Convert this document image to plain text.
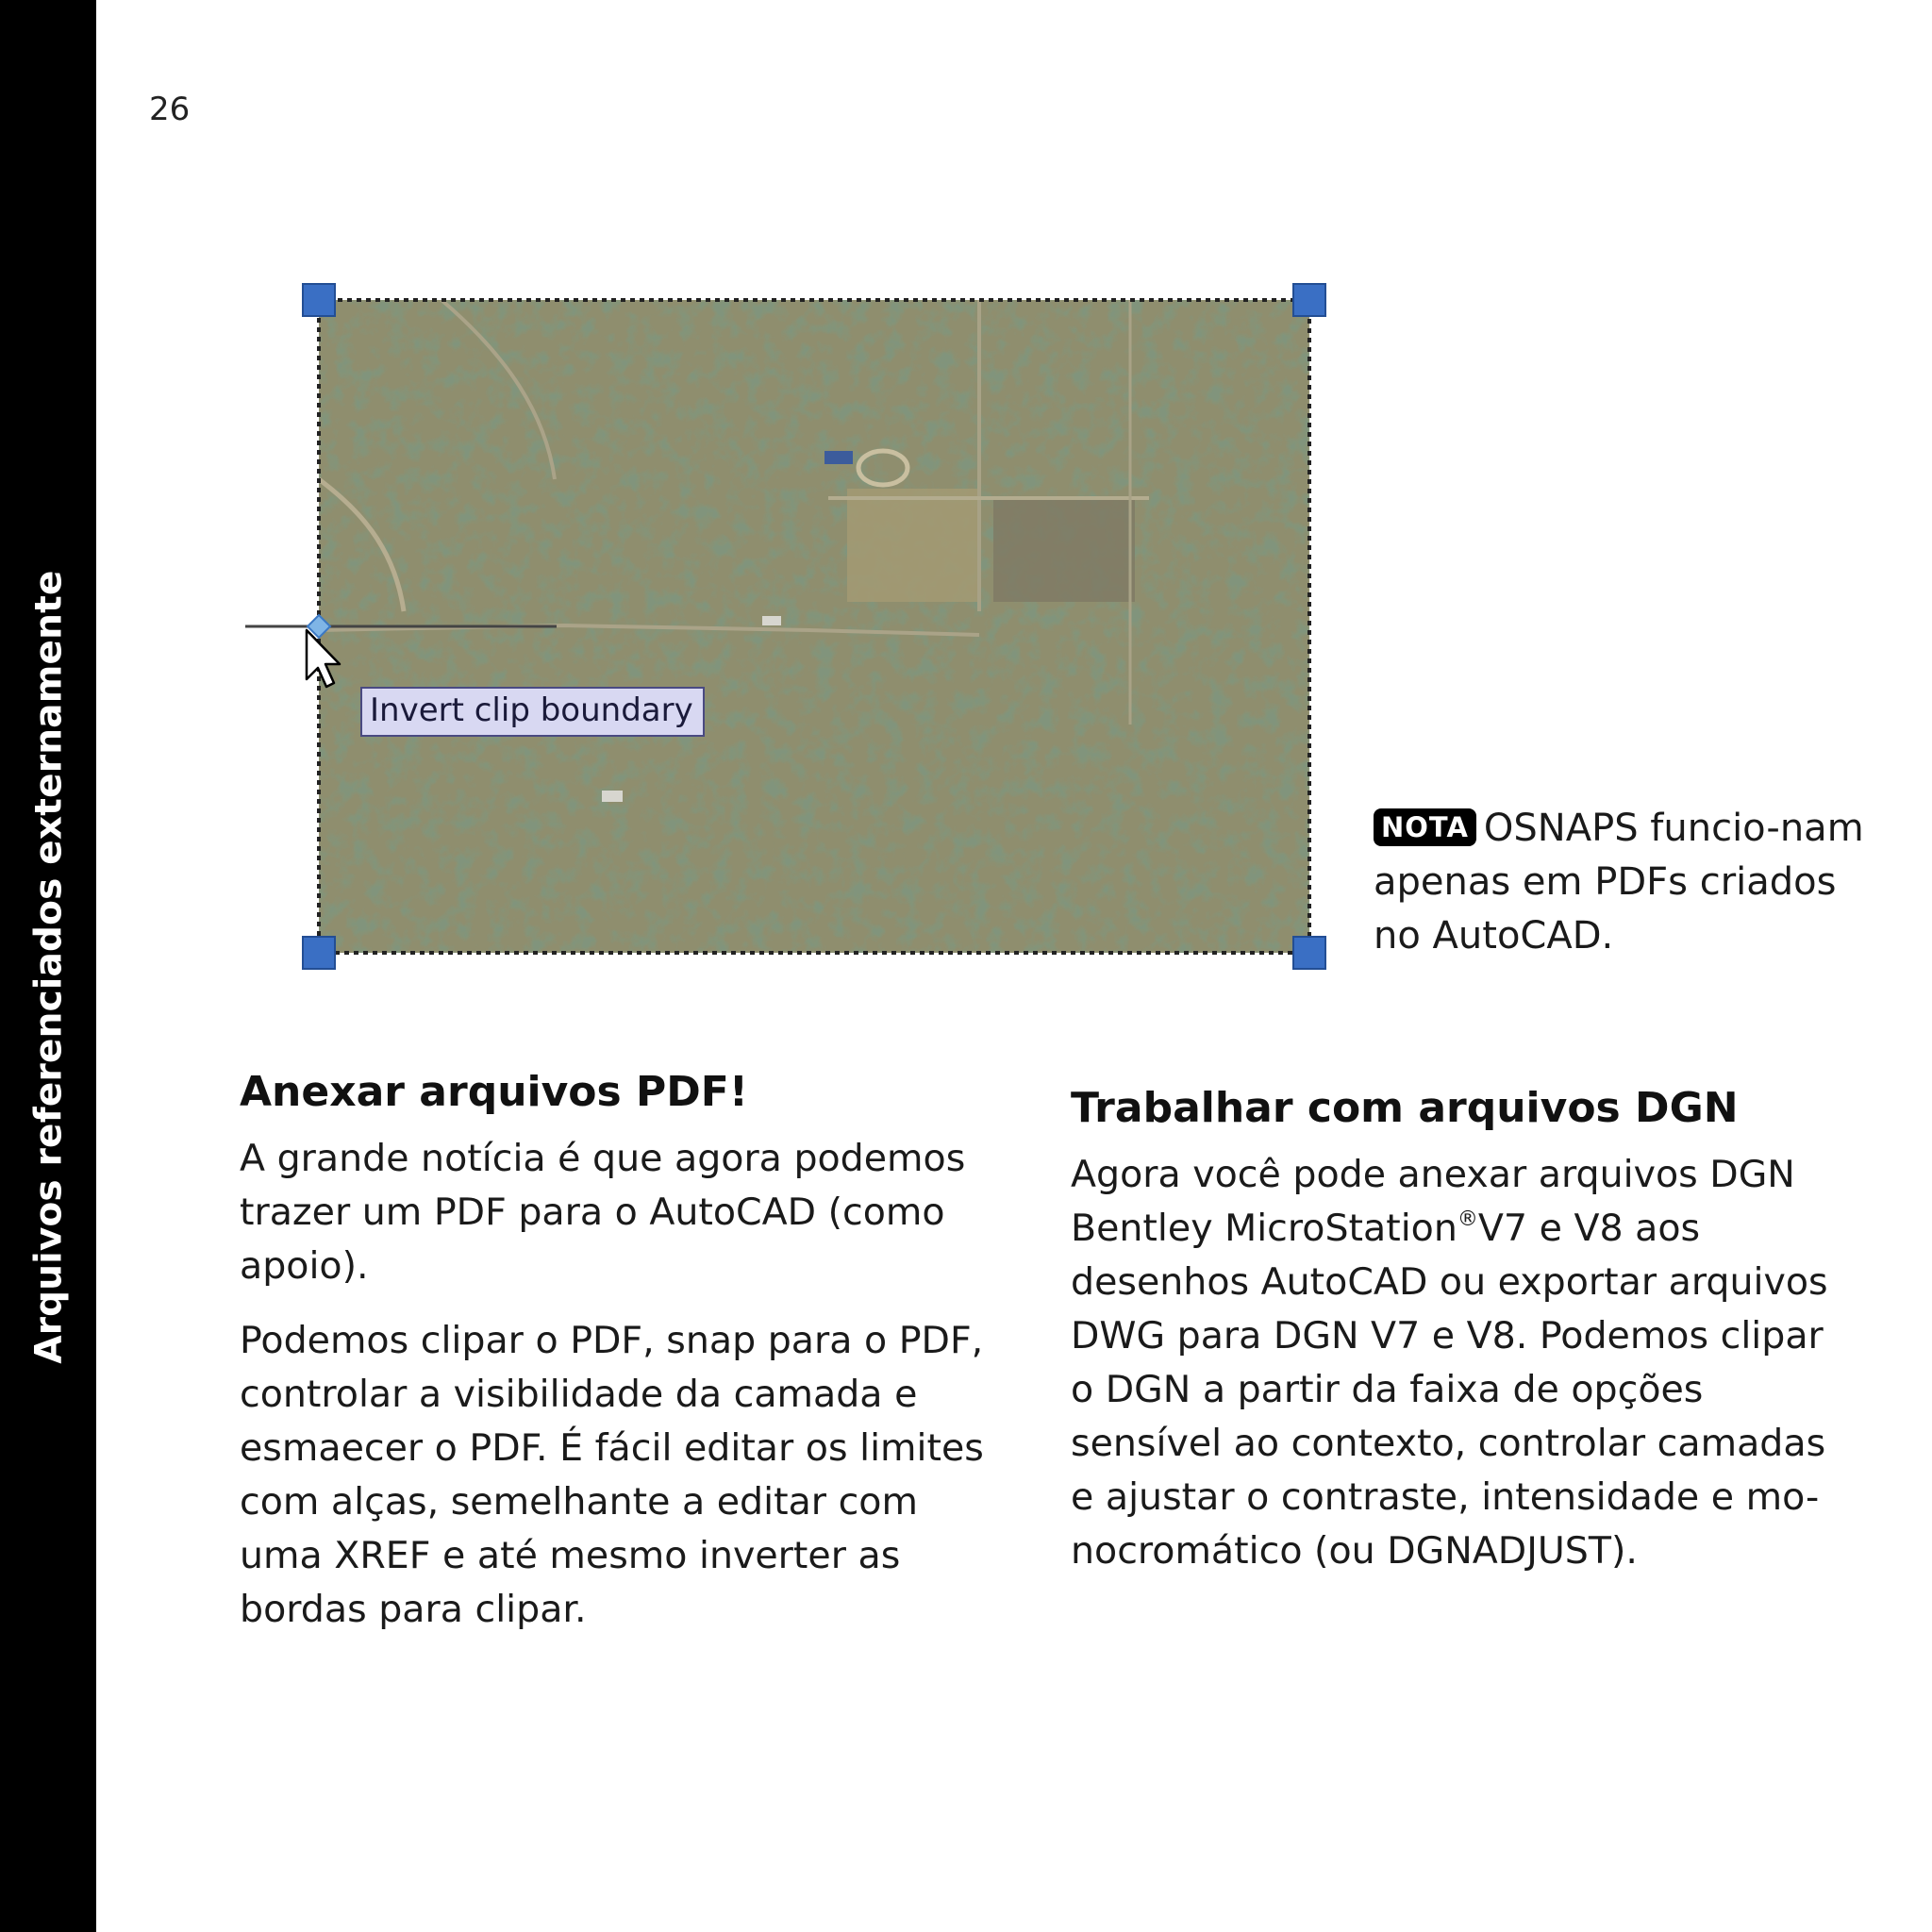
Arquivos referenciados externamente
26
Invert clip boundary
NOTA OSNAPS funcio-nam apenas em PDFs criados no AutoCAD.
Anexar arquivos PDF!

A grande notícia é que agora podemos trazer um PDF para o AutoCAD (como apoio).

Podemos clipar o PDF, snap para o PDF, controlar a visibilidade da camada e esmaecer o PDF. É fácil editar os limites com alças, semelhante a editar com uma XREF e até mesmo inverter as bordas para clipar.

Trabalhar com arquivos DGN

Agora você pode anexar arquivos DGN Bentley MicroStation®V7 e V8 aos desenhos AutoCAD ou exportar arquivos DWG para DGN V7 e V8. Podemos clipar o DGN a partir da faixa de opções sensível ao contexto, controlar camadas e ajustar o contraste, intensidade e mo-nocromático (ou DGNADJUST).
